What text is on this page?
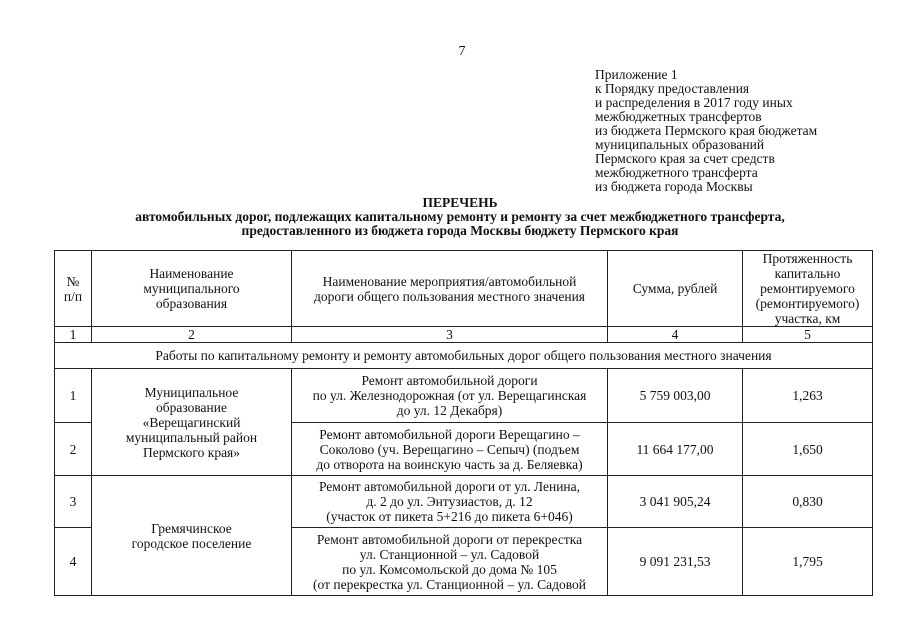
7
Приложение 1
к Порядку предоставления
и распределения в 2017 году иных
межбюджетных трансфертов
из бюджета Пермского края бюджетам
муниципальных образований
Пермского края за счет средств
межбюджетного трансферта
из бюджета города Москвы
ПЕРЕЧЕНЬ
автомобильных дорог, подлежащих капитальному ремонту и ремонту за счет межбюджетного трансферта,
предоставленного из бюджета города Москвы бюджету Пермского края
№ п/п	Наименование муниципального образования	Наименование мероприятия/автомобильной дороги общего пользования местного значения	Сумма, рублей	Протяженность капитально ремонтируемого (ремонтируемого) участка, км
1	2	3	4	5
Работы по капитальному ремонту и ремонту автомобильных дорог общего пользования местного значения				
1	Муниципальное образование «Верещагинский муниципальный район Пермского края»	Ремонт автомобильной дороги
по ул. Железнодорожная (от ул. Верещагинская
до ул. 12 Декабря)	5 759 003,00	1,263
2		Ремонт автомобильной дороги Верещагино –
Соколово (уч. Верещагино – Сепыч) (подъем
до отворота на воинскую часть за д. Беляевка)	11 664 177,00	1,650
3	Гремячинское городское поселение	Ремонт автомобильной дороги от ул. Ленина,
д. 2 до ул. Энтузиастов, д. 12
(участок от пикета 5+216 до пикета 6+046)	3 041 905,24	0,830
4		Ремонт автомобильной дороги от перекрестка
ул. Станционной – ул. Садовой
по ул. Комсомольской до дома № 105
(от перекрестка ул. Станционной – ул. Садовой	9 091 231,53	1,795
